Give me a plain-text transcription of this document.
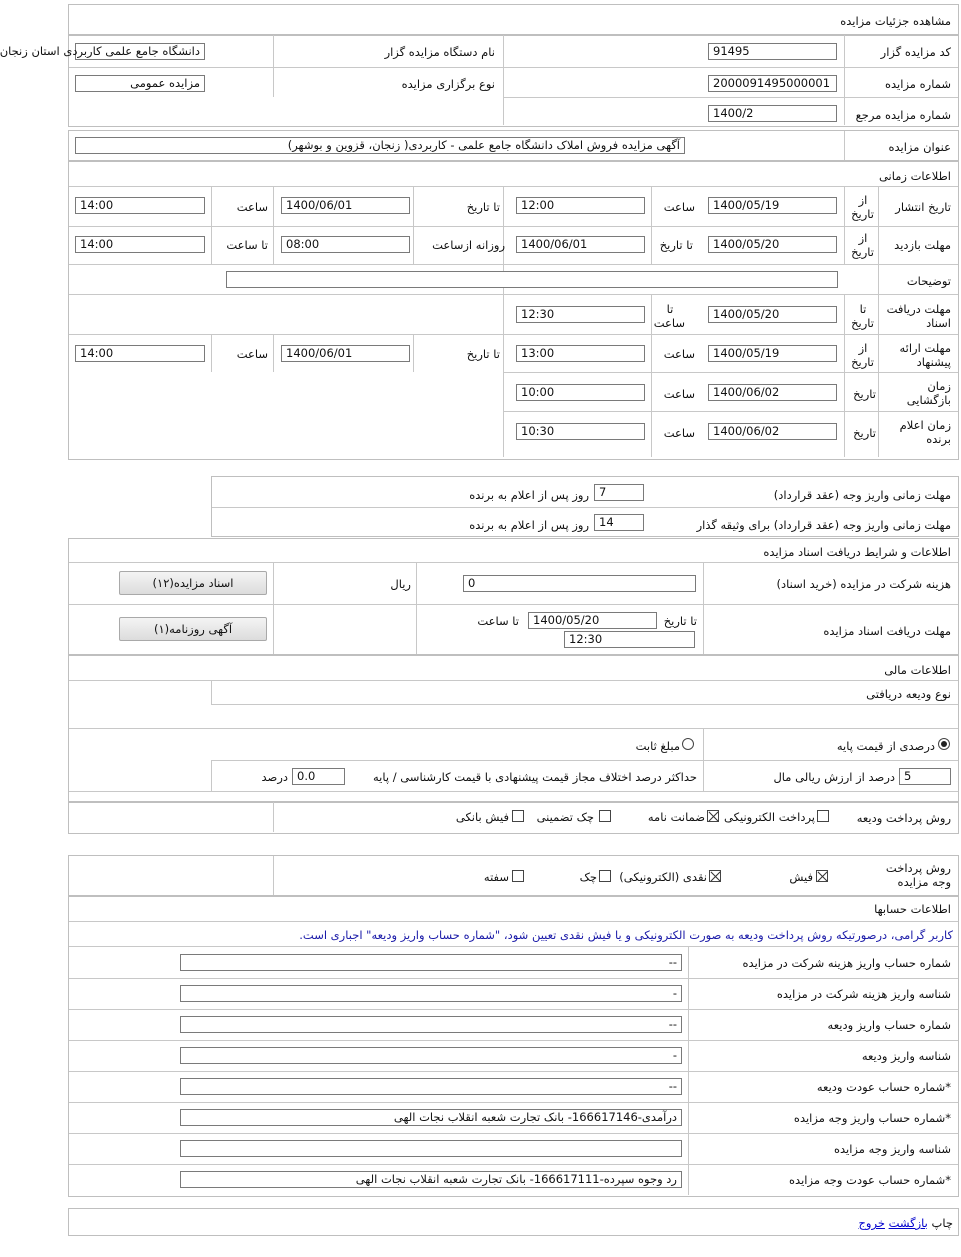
مشاهده جزئیات مزایده
کد مزایده گزار
91495
نام دستگاه مزایده گزار
دانشگاه جامع علمی کاربردی استان زنجان
شماره مزایده
2000091495000001
نوع برگزاری مزایده
مزایده عمومی
شماره مزایده مرجع
1400/2
عنوان مزایده
آگهی مزایده فروش املاک دانشگاه جامع علمی - کاربردی( زنجان، قزوین و بوشهر)
اطلاعات زمانی
تاریخ انتشار
از تاریخ
1400/05/19
ساعت
12:00
تا تاریخ
1400/06/01
ساعت
14:00
مهلت بازدید
از تاریخ
1400/05/20
تا تاریخ
1400/06/01
روزانه ازساعت
08:00
تا ساعت
14:00
توضیحات
مهلت دریافت اسناد
تا تاریخ
1400/05/20
تا ساعت
12:30
مهلت ارائه پیشنهاد
از تاریخ
1400/05/19
ساعت
13:00
تا تاریخ
1400/06/01
ساعت
14:00
زمان بازگشایی
تاریخ
1400/06/02
ساعت
10:00
زمان اعلام برنده
تاریخ
1400/06/02
ساعت
10:30
مهلت زمانی واریز وجه (عقد قرارداد)
7
روز پس از اعلام به برنده
مهلت زمانی واریز وجه (عقد قرارداد) برای وثیقه گذار
14
روز پس از اعلام به برنده
اطلاعات و شرایط دریافت اسناد مزایده
هزینه شرکت در مزایده (خرید اسناد)
0
ریال
اسناد مزایده(۱۲)
مهلت دریافت اسناد مزایده
تا تاریخ
1400/05/20
تا ساعت
12:30
آگهی روزنامه(۱)
اطلاعات مالی
نوع ودیعه دریافتی
درصدی از قیمت پایه
مبلغ ثابت
5
درصد از ارزش ریالی مال
حداکثر درصد اختلاف مجاز قیمت پیشنهادی با قیمت کارشناسی / پایه
0.0
درصد
روش پرداخت ودیعه
پرداخت الکترونیکی
ضمانت نامه
چک تضمینی
فیش بانکی
روش پرداخت وجه مزایده
فیش
نقدی (الکترونیکی)
چک
سفته
اطلاعات حسابها
کاربر گرامی، درصورتیکه روش پرداخت ودیعه به صورت الکترونیکی و یا فیش نقدی تعیین شود، "شماره حساب واریز ودیعه" اجباری است.
شماره حساب واریز هزینه شرکت در مزایده
--
شناسه واریز هزینه شرکت در مزایده
-
شماره حساب واریز ودیعه
--
شناسه واریز ودیعه
-
*شماره حساب عودت ودیعه
--
*شماره حساب واریز وجه مزایده
درآمدی-166617146- بانک تجارت شعبه انقلاب نجات الهی
شناسه واریز وجه مزایده
*شماره حساب عودت وجه مزایده
رد وجوه سپرده-166617111- بانک تجارت شعبه انقلاب نجات الهی
چاپ بازگشت خروج
